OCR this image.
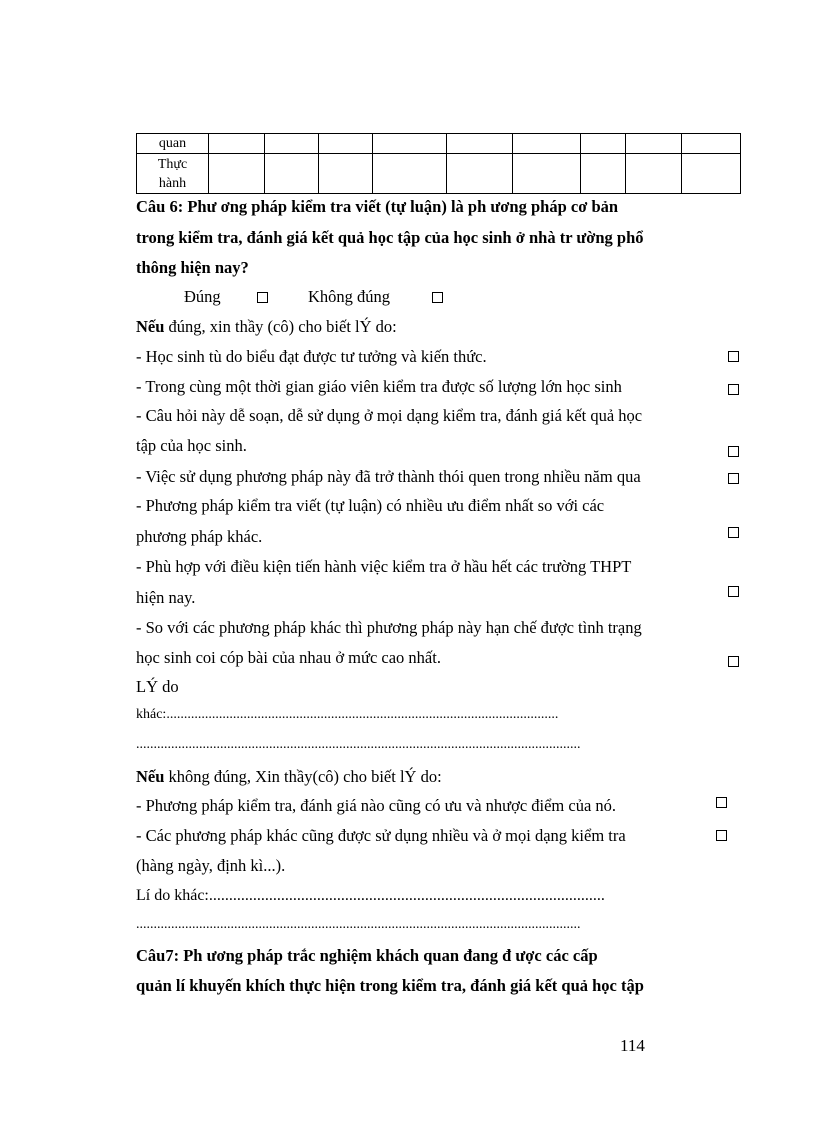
quan									
Thực hành									
Câu 6: Phư ơng pháp kiểm tra viết (tự luận) là ph ương pháp cơ bản
trong kiểm tra, đánh giá kết quả học tập của học sinh ở nhà tr ường phổ
thông hiện nay?
Đúng	Không đúng
Nếu đúng, xin thầy (cô) cho biết lÝ do:
- Học sinh tù do biểu đạt được tư tưởng và kiến thức.
- Trong cùng một thời gian giáo viên kiểm tra được số lượng lớn học sinh
- Câu hỏi này dễ soạn, dễ sử dụng ở mọi dạng kiểm tra, đánh giá kết quả học
tập của học sinh.
- Việc sử dụng phương pháp này đã trở thành thói quen trong nhiều năm qua
- Phương pháp kiểm tra viết (tự luận) có nhiều ưu điểm nhất so với các
phương pháp khác.
- Phù hợp với điều kiện tiến hành việc kiểm tra ở hầu hết các trường THPT
hiện nay.
- So với các phương pháp khác thì phương pháp này hạn chế được tình trạng
học sinh coi cóp bài của nhau ở mức cao nhất.
LÝ do
khác:................................................................................................................
...............................................................................................................................
Nếu không đúng, Xin thầy(cô) cho biết lÝ do:
- Phương pháp kiểm tra, đánh giá nào cũng có ưu và nhược điểm của nó.
- Các phương pháp khác cũng được sử dụng nhiều và ở mọi dạng kiểm tra
(hàng ngày, định kì...).
Lí do khác:...................................................................................................
...............................................................................................................................
Câu7: Ph ương pháp trắc nghiệm khách quan đang đ ược các cấp
quản lí khuyến khích thực hiện trong kiểm tra, đánh giá kết quả học tập
114
